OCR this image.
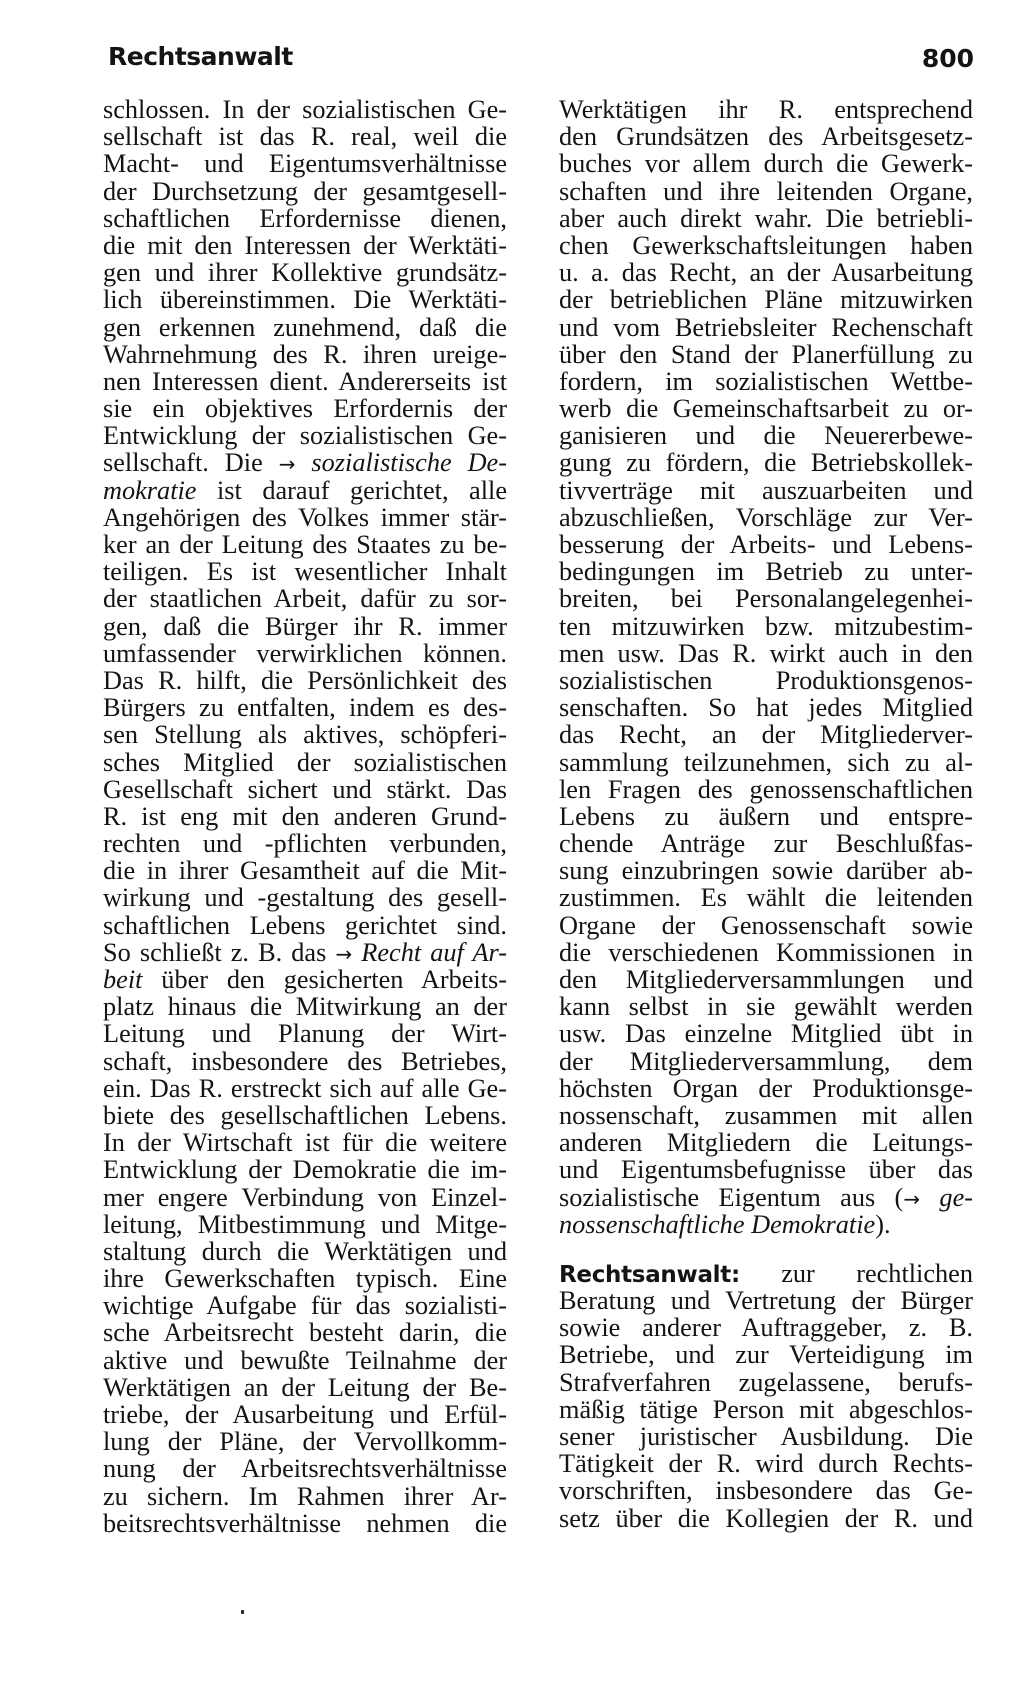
Rechtsanwalt	800
schlossen. In der sozialistischen Ge-
sellschaft ist das R. real, weil die
Macht- und Eigentumsverhältnisse
der Durchsetzung der gesamtgesell-
schaftlichen Erfordernisse dienen,
die mit den Interessen der Werktäti-
gen und ihrer Kollektive grundsätz-
lich übereinstimmen. Die Werktäti-
gen erkennen zunehmend, daß die
Wahrnehmung des R. ihren ureige-
nen Interessen dient. Andererseits ist
sie ein objektives Erfordernis der
Entwicklung der sozialistischen Ge-
sellschaft. Die → sozialistische De-
mokratie ist darauf gerichtet, alle
Angehörigen des Volkes immer stär-
ker an der Leitung des Staates zu be-
teiligen. Es ist wesentlicher Inhalt
der staatlichen Arbeit, dafür zu sor-
gen, daß die Bürger ihr R. immer
umfassender verwirklichen können.
Das R. hilft, die Persönlichkeit des
Bürgers zu entfalten, indem es des-
sen Stellung als aktives, schöpferi-
sches Mitglied der sozialistischen
Gesellschaft sichert und stärkt. Das
R. ist eng mit den anderen Grund-
rechten und -pflichten verbunden,
die in ihrer Gesamtheit auf die Mit-
wirkung und -gestaltung des gesell-
schaftlichen Lebens gerichtet sind.
So schließt z. B. das → Recht auf Ar-
beit über den gesicherten Arbeits-
platz hinaus die Mitwirkung an der
Leitung und Planung der Wirt-
schaft, insbesondere des Betriebes,
ein. Das R. erstreckt sich auf alle Ge-
biete des gesellschaftlichen Lebens.
In der Wirtschaft ist für die weitere
Entwicklung der Demokratie die im-
mer engere Verbindung von Einzel-
leitung, Mitbestimmung und Mitge-
staltung durch die Werktätigen und
ihre Gewerkschaften typisch. Eine
wichtige Aufgabe für das sozialisti-
sche Arbeitsrecht besteht darin, die
aktive und bewußte Teilnahme der
Werktätigen an der Leitung der Be-
triebe, der Ausarbeitung und Erfül-
lung der Pläne, der Vervollkomm-
nung der Arbeitsrechtsverhältnisse
zu sichern. Im Rahmen ihrer Ar-
beitsrechtsverhältnisse nehmen die
Werktätigen ihr R. entsprechend
den Grundsätzen des Arbeitsgesetz-
buches vor allem durch die Gewerk-
schaften und ihre leitenden Organe,
aber auch direkt wahr. Die betriebli-
chen Gewerkschaftsleitungen haben
u. a. das Recht, an der Ausarbeitung
der betrieblichen Pläne mitzuwirken
und vom Betriebsleiter Rechenschaft
über den Stand der Planerfüllung zu
fordern, im sozialistischen Wettbe-
werb die Gemeinschaftsarbeit zu or-
ganisieren und die Neuererbewe-
gung zu fördern, die Betriebskollek-
tivverträge mit auszuarbeiten und
abzuschließen, Vorschläge zur Ver-
besserung der Arbeits- und Lebens-
bedingungen im Betrieb zu unter-
breiten, bei Personalangelegenhei-
ten mitzuwirken bzw. mitzubestim-
men usw. Das R. wirkt auch in den
sozialistischen Produktionsgenos-
senschaften. So hat jedes Mitglied
das Recht, an der Mitgliederver-
sammlung teilzunehmen, sich zu al-
len Fragen des genossenschaftlichen
Lebens zu äußern und entspre-
chende Anträge zur Beschlußfas-
sung einzubringen sowie darüber ab-
zustimmen. Es wählt die leitenden
Organe der Genossenschaft sowie
die verschiedenen Kommissionen in
den Mitgliederversammlungen und
kann selbst in sie gewählt werden
usw. Das einzelne Mitglied übt in
der Mitgliederversammlung, dem
höchsten Organ der Produktionsge-
nossenschaft, zusammen mit allen
anderen Mitgliedern die Leitungs-
und Eigentumsbefugnisse über das
sozialistische Eigentum aus (→ ge-
nossenschaftliche Demokratie).
Rechtsanwalt: zur rechtlichen
Beratung und Vertretung der Bürger
sowie anderer Auftraggeber, z. B.
Betriebe, und zur Verteidigung im
Strafverfahren zugelassene, berufs-
mäßig tätige Person mit abgeschlos-
sener juristischer Ausbildung. Die
Tätigkeit der R. wird durch Rechts-
vorschriften, insbesondere das Ge-
setz über die Kollegien der R. und
